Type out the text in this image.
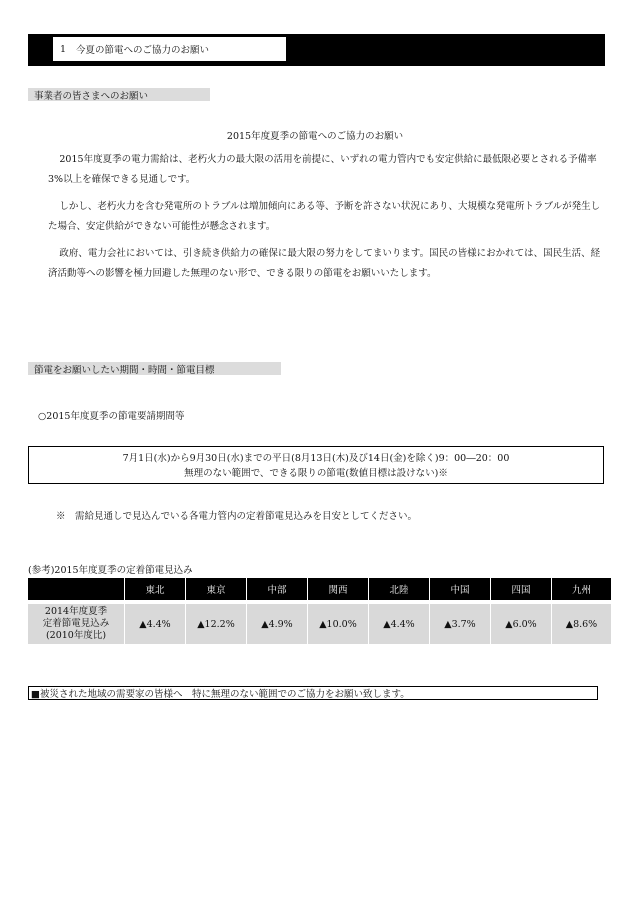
1 今夏の節電へのご協力のお願い
事業者の皆さまへのお願い
2015年度夏季の節電へのご協力のお願い

2015年度夏季の電力需給は、老朽火力の最大限の活用を前提に、いずれの電力管内でも安定供給に最低限必要とされる予備率3%以上を確保できる見通しです。

しかし、老朽火力を含む発電所のトラブルは増加傾向にある等、予断を許さない状況にあり、大規模な発電所トラブルが発生した場合、安定供給ができない可能性が懸念されます。

政府、電力会社においては、引き続き供給力の確保に最大限の努力をしてまいります。国民の皆様におかれては、国民生活、経済活動等への影響を極力回避した無理のない形で、できる限りの節電をお願いいたします。

節電をお願いしたい期間・時間・節電目標
○2015年度夏季の節電要請期間等
7月1日(水)から9月30日(水)までの平日(8月13日(木)及び14日(金)を除く)9：00―20：00
無理のない範囲で、できる限りの節電(数値目標は設けない)※
※　需給見通しで見込んでいる各電力管内の定着節電見込みを目安としてください。
(参考)2015年度夏季の定着節電見込み
	東北	東京	中部	関西	北陸	中国	四国	九州

2014年度夏季
定着節電見込み
(2010年度比)	▲4.4%	▲12.2%	▲4.9%	▲10.0%	▲4.4%	▲3.7%	▲6.0%	▲8.6%
■被災された地域の需要家の皆様へ　特に無理のない範囲でのご協力をお願い致します。
